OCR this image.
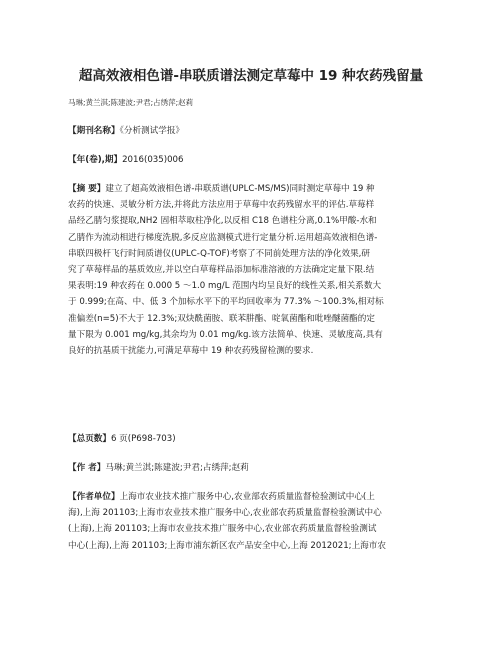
超高效液相色谱-串联质谱法测定草莓中 19 种农药残留量
马琳;黄兰淇;陈建波;尹君;占绣萍;赵莉
【期刊名称】《分析测试学报》
【年(卷),期】2016(035)006
【摘 要】建立了超高效液相色谱-串联质谱(UPLC-MS/MS)同时测定草莓中 19 种
农药的快速、灵敏分析方法,并将此方法应用于草莓中农药残留水平的评估.草莓样
品经乙腈匀浆提取,NH2 固相萃取柱净化,以反相 C18 色谱柱分离,0.1%甲酸-水和
乙腈作为流动相进行梯度洗脱,多反应监测模式进行定量分析.运用超高效液相色谱-
串联四极杆飞行时间质谱仪(UPLC-Q-TOF)考察了不同前处理方法的净化效果,研
究了草莓样品的基质效应,并以空白草莓样品添加标准溶液的方法确定定量下限.结
果表明:19 种农药在 0.000 5 ～1.0 mg/L 范围内均呈良好的线性关系,相关系数大
于 0.999;在高、中、低 3 个加标水平下的平均回收率为 77.3% ～100.3%,相对标
准偏差(n=5)不大于 12.3%;双炔酰菌胺、联苯肼酯、啶氧菌酯和吡唑醚菌酯的定
量下限为 0.001 mg/kg,其余均为 0.01 mg/kg.该方法简单、快速、灵敏度高,具有
良好的抗基质干扰能力,可满足草莓中 19 种农药残留检测的要求.
【总页数】6 页(P698-703)
【作 者】马琳;黄兰淇;陈建波;尹君;占绣萍;赵莉
【作者单位】上海市农业技术推广服务中心,农业部农药质量监督检验测试中心(上
海),上海 201103;上海市农业技术推广服务中心,农业部农药质量监督检验测试中心
(上海),上海 201103;上海市农业技术推广服务中心,农业部农药质量监督检验测试
中心(上海),上海 201103;上海市浦东新区农产品安全中心,上海 2012021;上海市农
